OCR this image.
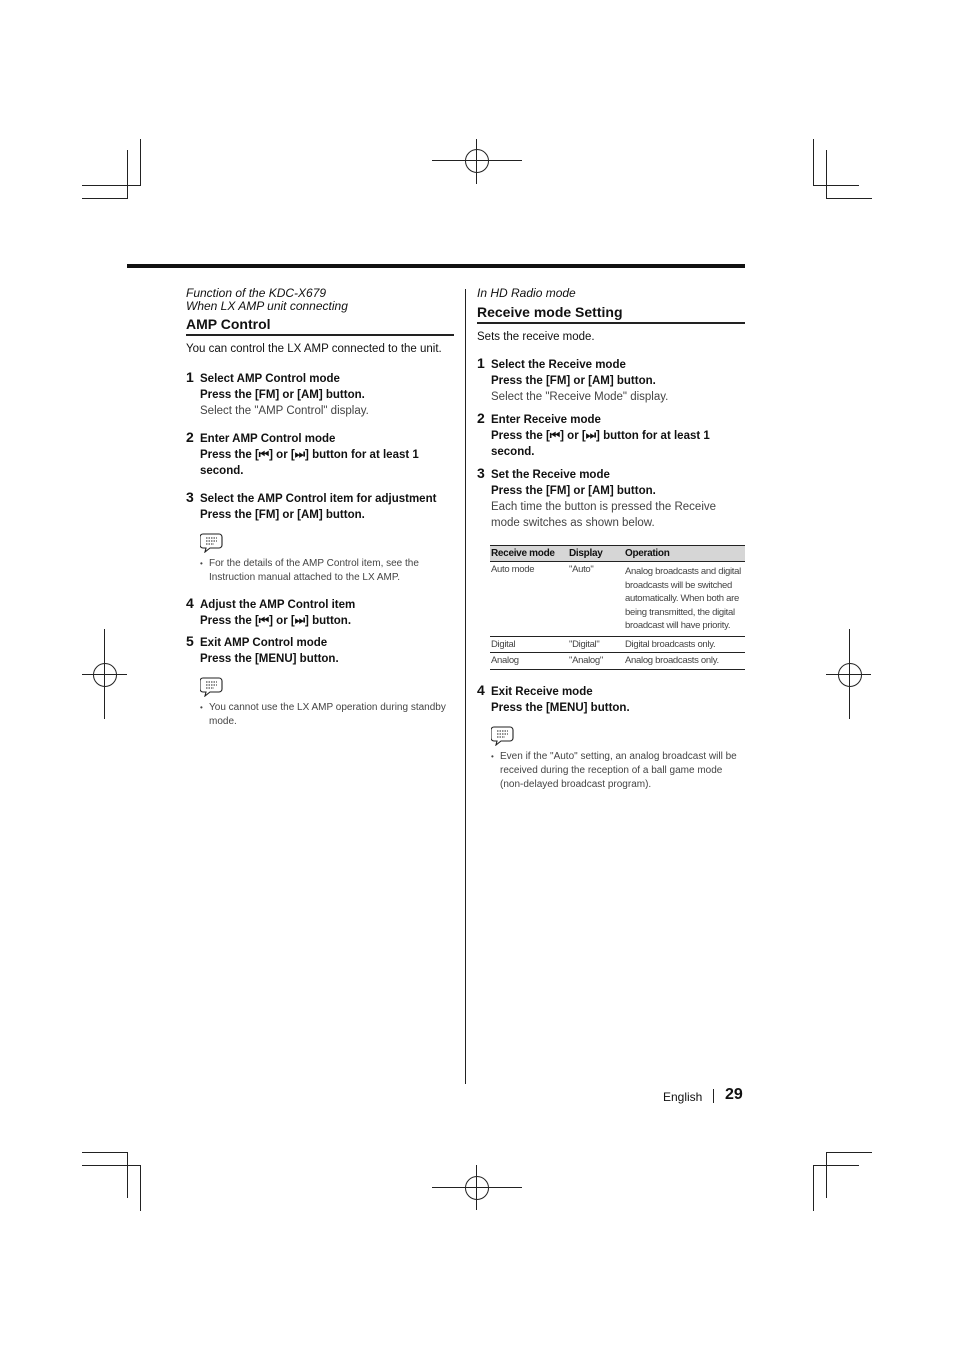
Function of the KDC-X679

When LX AMP unit connecting

AMP Control

You can control the LX AMP connected to the unit.

1 Select AMP Control mode
Press the [FM] or [AM] button.
Select the "AMP Control" display.
2 Enter AMP Control mode
Press the [⏮] or [⏭] button for at least 1 second.
3 Select the AMP Control item for adjustment
Press the [FM] or [AM] button.
• For the details of the AMP Control item, see the Instruction manual attached to the LX AMP.
4 Adjust the AMP Control item
Press the [⏮] or [⏭] button.
5 Exit AMP Control mode
Press the [MENU] button.
• You cannot use the LX AMP operation during standby mode.

In HD Radio mode

Receive mode Setting

Sets the receive mode.

1 Select the Receive mode
Press the [FM] or [AM] button.
Select the "Receive Mode" display.
2 Enter Receive mode
Press the [⏮] or [⏭] button for at least 1 second.
3 Set the Receive mode
Press the [FM] or [AM] button.
Each time the button is pressed the Receive mode switches as shown below.
Receive mode	Display	Operation
Auto mode	"Auto"	Analog broadcasts and digital broadcasts will be switched automatically. When both are being transmitted, the digital broadcast will have priority.
Digital	"Digital"	Digital broadcasts only.
Analog	"Analog"	Analog broadcasts only.
4 Exit Receive mode
Press the [MENU] button.
• Even if the "Auto" setting, an analog broadcast will be received during the reception of a ball game mode (non-delayed broadcast program).
English 29
